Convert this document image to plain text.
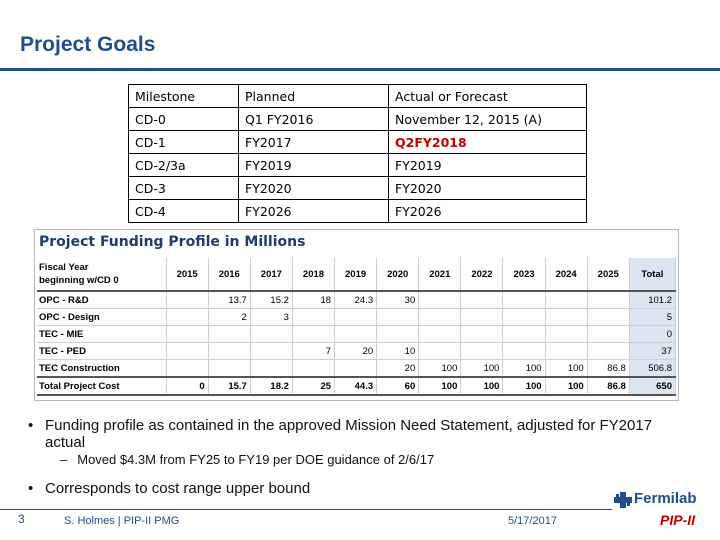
Project Goals
Milestone	Planned	Actual or Forecast
CD-0	Q1 FY2016	November 12, 2015 (A)
CD-1	FY2017	Q2FY2018
CD-2/3a	FY2019	FY2019
CD-3	FY2020	FY2020
CD-4	FY2026	FY2026
Project Funding Profile in Millions
Fiscal Year
beginning w/CD 0	2015	2016	2017	2018	2019	2020	2021	2022	2023	2024	2025	Total
OPC - R&D		13.7	15.2	18	24.3	30						101.2
OPC - Design		2	3									5
TEC - MIE												0
TEC - PED				7	20	10						37
TEC Construction						20	100	100	100	100	86.8	506.8
Total Project Cost	0	15.7	18.2	25	44.3	60	100	100	100	100	86.8	650
• Funding profile as contained in the approved Mission Need Statement, adjusted for FY2017 actual
– Moved $4.3M from FY25 to FY19 per DOE guidance of 2/6/17
• Corresponds to cost range upper bound
3	S. Holmes | PIP-II PMG	5/17/2017
Fermilab
PIP-II
